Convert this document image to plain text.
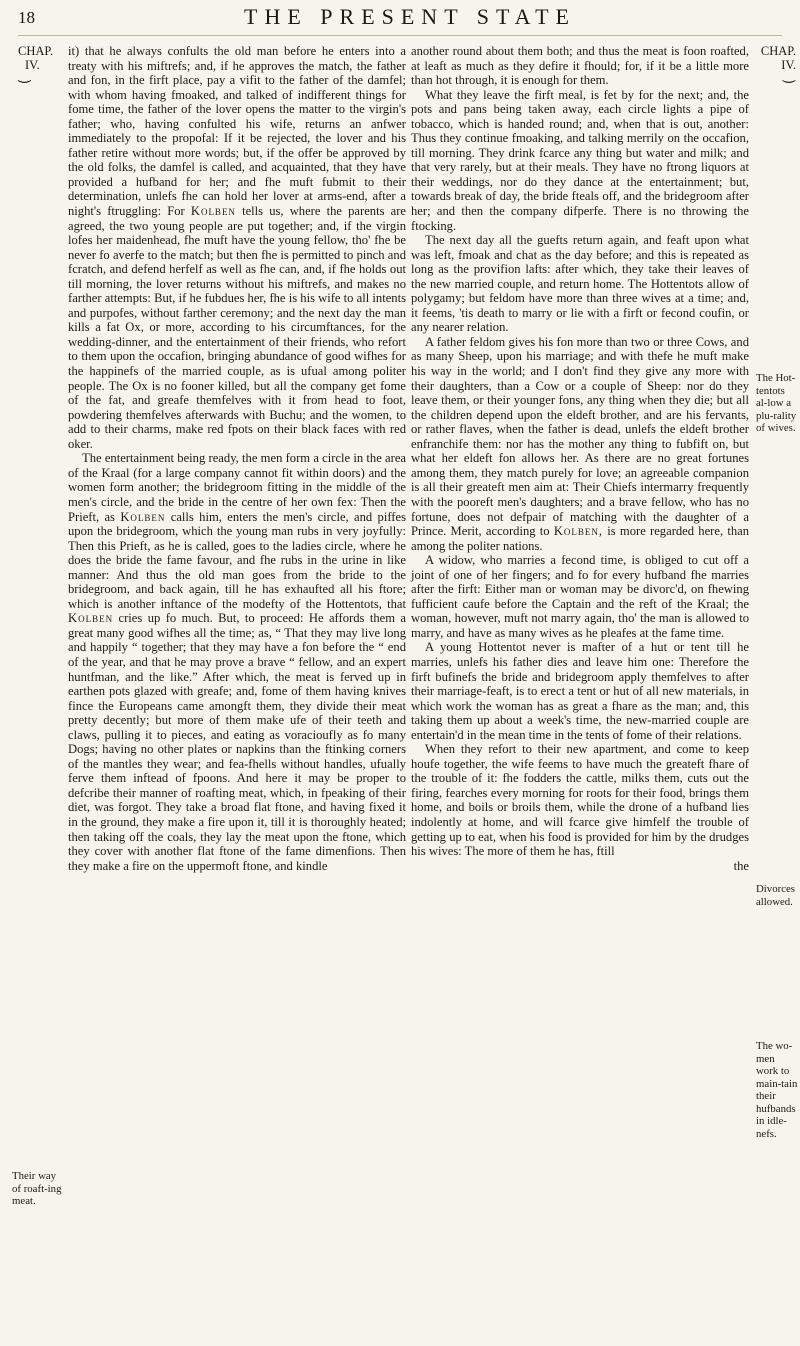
18	THE PRESENT STATE
CHAP.
IV.
⏝
CHAP.
IV.
⏝

it) that he always confults the old man before he enters into a treaty with his miftrefs; and, if he approves the match, the father and fon, in the firft place, pay a vifit to the father of the damfel; with whom having fmoaked, and talked of indifferent things for fome time, the father of the lover opens the matter to the virgin's father; who, having confulted his wife, returns an anfwer immediately to the propofal: If it be rejected, the lover and his father retire without more words; but, if the offer be approved by the old folks, the damfel is called, and acquainted, that they have provided a hufband for her; and fhe muft fubmit to their determination, unlefs fhe can hold her lover at arms-end, after a night's ftruggling: For Kolben tells us, where the parents are agreed, the two young people are put together; and, if the virgin lofes her maidenhead, fhe muft have the young fellow, tho' fhe be never fo averfe to the match; but then fhe is permitted to pinch and fcratch, and defend herfelf as well as fhe can, and, if fhe holds out till morning, the lover returns without his miftrefs, and makes no farther attempts: But, if he fubdues her, fhe is his wife to all intents and purpofes, without farther ceremony; and the next day the man kills a fat Ox, or more, according to his circumftances, for the wedding-dinner, and the entertainment of their friends, who refort to them upon the occafion, bringing abundance of good wifhes for the happinefs of the married couple, as is ufual among politer people. The Ox is no fooner killed, but all the company get fome of the fat, and greafe themfelves with it from head to foot, powdering themfelves afterwards with Buchu; and the women, to add to their charms, make red fpots on their black faces with red oker.

The entertainment being ready, the men form a circle in the area of the Kraal (for a large company cannot fit within doors) and the women form another; the bridegroom fitting in the middle of the men's circle, and the bride in the centre of her own fex: Then the Prieft, as Kolben calls him, enters the men's circle, and piffes upon the bridegroom, which the young man rubs in very joyfully: Then this Prieft, as he is called, goes to the ladies circle, where he does the bride the fame favour, and fhe rubs in the urine in like manner: And thus the old man goes from the bride to the bridegroom, and back again, till he has exhaufted all his ftore; which is another inftance of the modefty of the Hottentots, that Kolben cries up fo much. But, to proceed: He affords them a great many good wifhes all the time; as, “ That they may live long and happily “ together; that they may have a fon before the “ end of the year, and that he may prove a brave “ fellow, and an expert huntfman, and the like.” After which, the meat is ferved up in earthen pots glazed with greafe; and, fome of them having knives fince the Europeans came amongft them, they divide their meat pretty decently; but more of them make ufe of their teeth and claws, pulling it to pieces, and eating as voracioufly as fo many Dogs; having no other plates or napkins than the ftinking corners of the mantles they wear; and fea-fhells without handles, ufually ferve them inftead of fpoons. And here it may be proper to defcribe their manner of roafting meat, which, in fpeaking of their diet, was forgot. They take a broad flat ftone, and having fixed it in the ground, they make a fire upon it, till it is thoroughly heated; then taking off the coals, they lay the meat upon the ftone, which they cover with another flat ftone of the fame dimenfions. Then they make a fire on the uppermoft ftone, and kindle

another round about them both; and thus the meat is foon roafted, at leaft as much as they defire it fhould; for, if it be a little more than hot through, it is enough for them.

What they leave the firft meal, is fet by for the next; and, the pots and pans being taken away, each circle lights a pipe of tobacco, which is handed round; and, when that is out, another: Thus they continue fmoaking, and talking merrily on the occafion, till morning. They drink fcarce any thing but water and milk; and that very rarely, but at their meals. They have no ftrong liquors at their weddings, nor do they dance at the entertainment; but, towards break of day, the bride fteals off, and the bridegroom after her; and then the company difperfe. There is no throwing the ftocking.

The next day all the guefts return again, and feaft upon what was left, fmoak and chat as the day before; and this is repeated as long as the provifion lafts: after which, they take their leaves of the new married couple, and return home. The Hottentots allow of polygamy; but feldom have more than three wives at a time; and, it feems, 'tis death to marry or lie with a firft or fecond coufin, or any nearer relation.

A father feldom gives his fon more than two or three Cows, and as many Sheep, upon his marriage; and with thefe he muft make his way in the world; and I don't find they give any more with their daughters, than a Cow or a couple of Sheep: nor do they leave them, or their younger fons, any thing when they die; but all the children depend upon the eldeft brother, and are his fervants, or rather flaves, when the father is dead, unlefs the eldeft brother enfranchife them: nor has the mother any thing to fubfift on, but what her eldeft fon allows her. As there are no great fortunes among them, they match purely for love; an agreeable companion is all their greateft men aim at: Their Chiefs intermarry frequently with the pooreft men's daughters; and a brave fellow, who has no fortune, does not defpair of matching with the daughter of a Prince. Merit, according to Kolben, is more regarded here, than among the politer nations.

A widow, who marries a fecond time, is obliged to cut off a joint of one of her fingers; and fo for every hufband fhe marries after the firft: Either man or woman may be divorc'd, on fhewing fufficient caufe before the Captain and the reft of the Kraal; the woman, however, muft not marry again, tho' the man is allowed to marry, and have as many wives as he pleafes at the fame time.

A young Hottentot never is mafter of a hut or tent till he marries, unlefs his father dies and leave him one: Therefore the firft bufinefs the bride and bridegroom apply themfelves to after their marriage-feaft, is to erect a tent or hut of all new materials, in which work the woman has as great a fhare as the man; and, this taking them up about a week's time, the new-married couple are entertain'd in the mean time in the tents of fome of their relations.

When they refort to their new apartment, and come to keep houfe together, the wife feems to have much the greateft fhare of the trouble of it: fhe fodders the cattle, milks them, cuts out the firing, fearches every morning for roots for their food, brings them home, and boils or broils them, while the drone of a hufband lies indolently at home, and will fcarce give himfelf the trouble of getting up to eat, when his food is provided for him by the drudges his wives: The more of them he has, ftill

the
Their way of roaft-ing meat.
The Hot-tentots al-low a plu-rality of wives.
Divorces allowed.
The wo-men work to main-tain their hufbands in idle-nefs.
